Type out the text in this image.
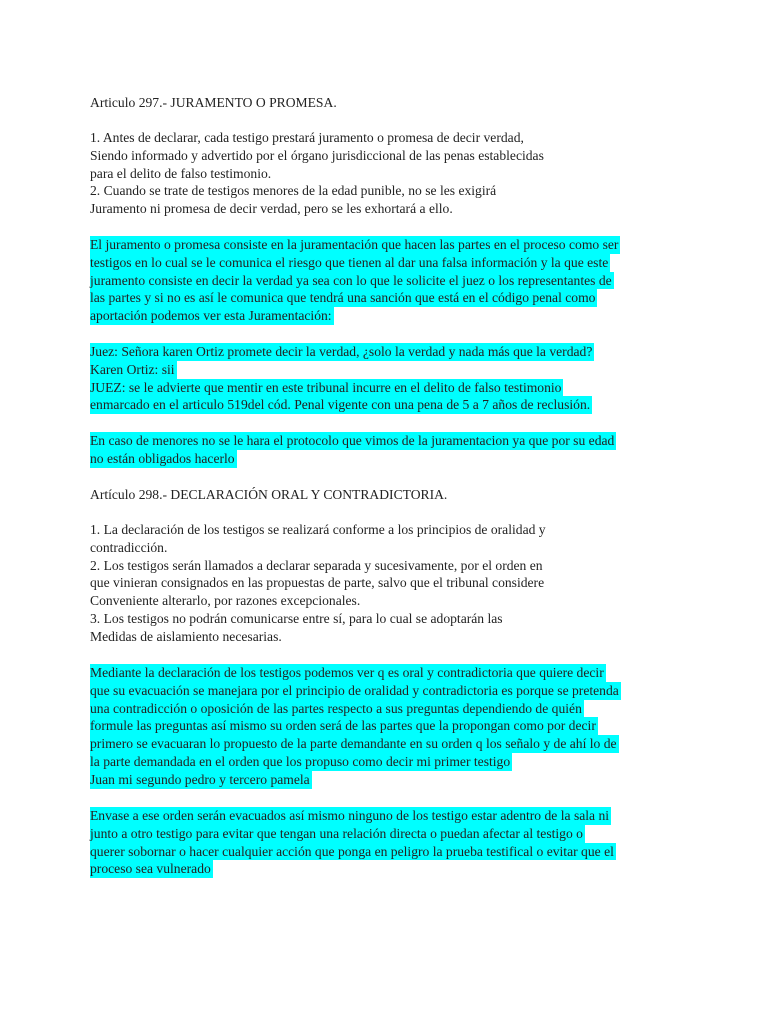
Articulo 297.- JURAMENTO O PROMESA.
1. Antes de declarar, cada testigo prestará juramento o promesa de decir verdad,
Siendo informado y advertido por el órgano jurisdiccional de las penas establecidas
para el delito de falso testimonio.
2. Cuando se trate de testigos menores de la edad punible, no se les exigirá
Juramento ni promesa de decir verdad, pero se les exhortará a ello.
El juramento o promesa consiste en la juramentación que hacen las partes en el proceso como ser
testigos en lo cual se le comunica el riesgo que tienen al dar una falsa información y la que este
juramento consiste en decir la verdad ya sea con lo que le solicite el juez o los representantes de
las partes y si no es así le comunica que tendrá una sanción que está en el código penal como
aportación podemos ver esta Juramentación:
Juez: Señora karen Ortiz promete decir la verdad, ¿solo la verdad y nada más que la verdad?
Karen Ortiz: sii
JUEZ: se le advierte que mentir en este tribunal incurre en el delito de falso testimonio
enmarcado en el articulo 519del cód. Penal vigente con una pena de 5 a 7 años de reclusión.
En caso de menores no se le hara el protocolo que vimos de la juramentacion ya que por su edad
no están obligados hacerlo
Artículo 298.- DECLARACIÓN ORAL Y CONTRADICTORIA.
1. La declaración de los testigos se realizará conforme a los principios de oralidad y
contradicción.
2. Los testigos serán llamados a declarar separada y sucesivamente, por el orden en
que vinieran consignados en las propuestas de parte, salvo que el tribunal considere
Conveniente alterarlo, por razones excepcionales.
3. Los testigos no podrán comunicarse entre sí, para lo cual se adoptarán las
Medidas de aislamiento necesarias.
Mediante la declaración de los testigos podemos ver q es oral y contradictoria que quiere decir
que su evacuación se manejara por el principio de oralidad y contradictoria es porque se pretenda
una contradicción o oposición de las partes respecto a sus preguntas dependiendo de quién
formule las preguntas así mismo su orden será de las partes que la propongan como por decir
primero se evacuaran lo propuesto de la parte demandante en su orden q los señalo y de ahí lo de
la parte demandada en el orden que los propuso como decir mi primer testigo
Juan mi segundo pedro y tercero pamela
Envase a ese orden serán evacuados así mismo ninguno de los testigo estar adentro de la sala ni
junto a otro testigo para evitar que tengan una relación directa o puedan afectar al testigo o
querer sobornar o hacer cualquier acción que ponga en peligro la prueba testifical o evitar que el
proceso sea vulnerado
